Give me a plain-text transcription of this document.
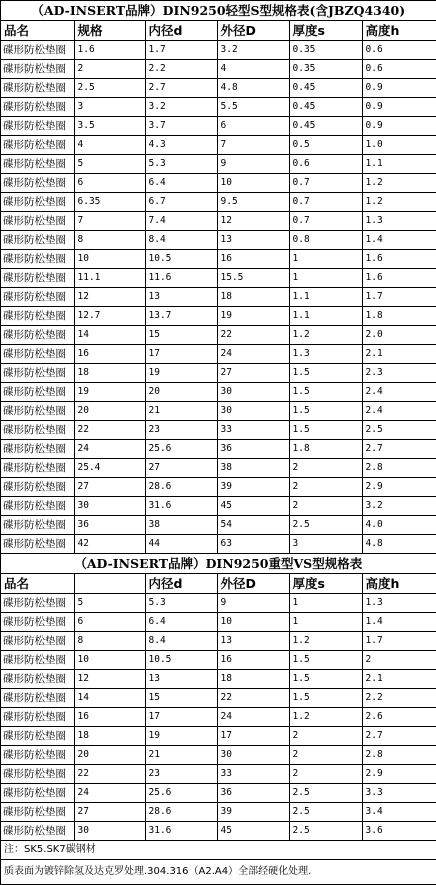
（AD-INSERT品牌）DIN9250轻型S型规格表(含JBZQ4340)					
品名	规格	内径d	外径D	厚度s	高度h
碟形防松垫圈	1.6	1.7	3.2	0.35	0.6
碟形防松垫圈	2	2.2	4	0.35	0.6
碟形防松垫圈	2.5	2.7	4.8	0.45	0.9
碟形防松垫圈	3	3.2	5.5	0.45	0.9
碟形防松垫圈	3.5	3.7	6	0.45	0.9
碟形防松垫圈	4	4.3	7	0.5	1.0
碟形防松垫圈	5	5.3	9	0.6	1.1
碟形防松垫圈	6	6.4	10	0.7	1.2
碟形防松垫圈	6.35	6.7	9.5	0.7	1.2
碟形防松垫圈	7	7.4	12	0.7	1.3
碟形防松垫圈	8	8.4	13	0.8	1.4
碟形防松垫圈	10	10.5	16	1	1.6
碟形防松垫圈	11.1	11.6	15.5	1	1.6
碟形防松垫圈	12	13	18	1.1	1.7
碟形防松垫圈	12.7	13.7	19	1.1	1.8
碟形防松垫圈	14	15	22	1.2	2.0
碟形防松垫圈	16	17	24	1.3	2.1
碟形防松垫圈	18	19	27	1.5	2.3
碟形防松垫圈	19	20	30	1.5	2.4
碟形防松垫圈	20	21	30	1.5	2.4
碟形防松垫圈	22	23	33	1.5	2.5
碟形防松垫圈	24	25.6	36	1.8	2.7
碟形防松垫圈	25.4	27	38	2	2.8
碟形防松垫圈	27	28.6	39	2	2.9
碟形防松垫圈	30	31.6	45	2	3.2
碟形防松垫圈	36	38	54	2.5	4.0
碟形防松垫圈	42	44	63	3	4.8
（AD-INSERT品牌）DIN9250重型VS型规格表					
品名		内径d	外径D	厚度s	高度h
碟形防松垫圈	5	5.3	9	1	1.3
碟形防松垫圈	6	6.4	10	1	1.4
碟形防松垫圈	8	8.4	13	1.2	1.7
碟形防松垫圈	10	10.5	16	1.5	2
碟形防松垫圈	12	13	18	1.5	2.1
碟形防松垫圈	14	15	22	1.5	2.2
碟形防松垫圈	16	17	24	1.2	2.6
碟形防松垫圈	18	19	17	2	2.7
碟形防松垫圈	20	21	30	2	2.8
碟形防松垫圈	22	23	33	2	2.9
碟形防松垫圈	24	25.6	36	2.5	3.3
碟形防松垫圈	27	28.6	39	2.5	3.4
碟形防松垫圈	30	31.6	45	2.5	3.6
注：SK5.SK7碳钢材					
质表面为镀锌除氢及达克罗处理.304.316（A2.A4）全部经硬化处理.					
